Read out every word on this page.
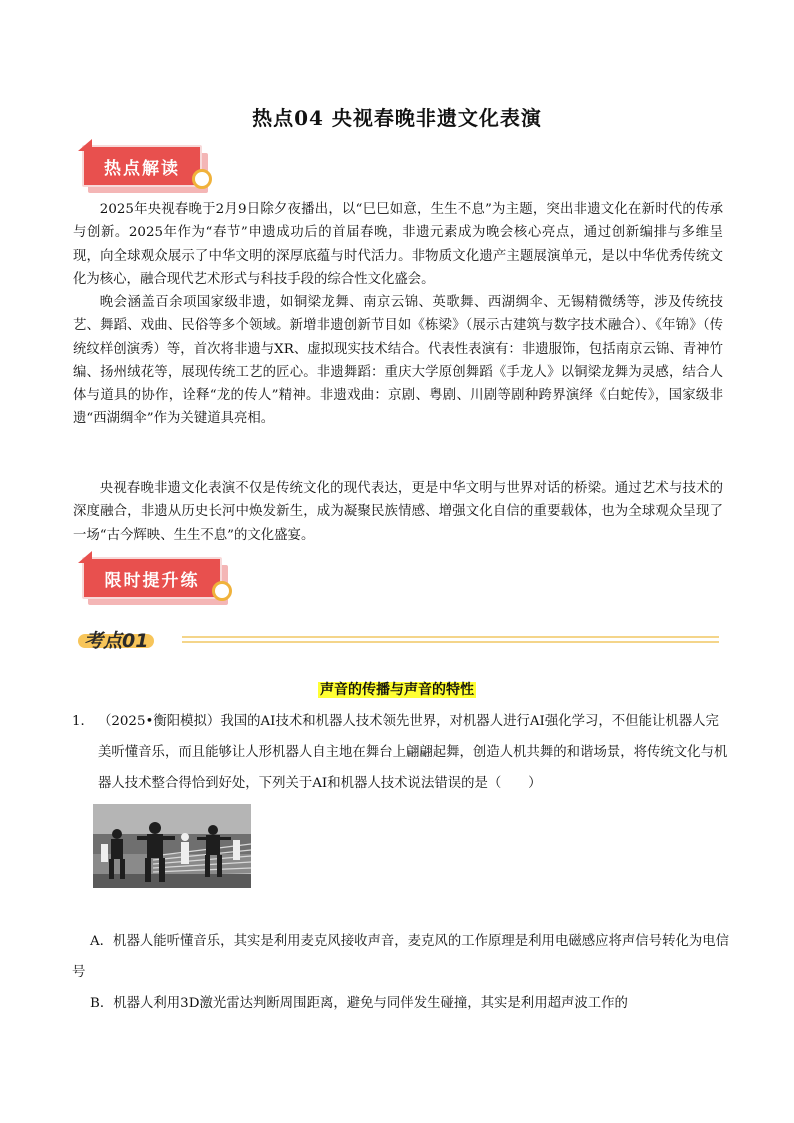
热点04 央视春晚非遗文化表演
热点解读
2025年央视春晚于2月9日除夕夜播出，以“巳巳如意，生生不息”为主题，突出非遗文化在新时代的传承与创新。2025年作为“春节”申遗成功后的首届春晚，非遗元素成为晚会核心亮点，通过创新编排与多维呈现，向全球观众展示了中华文明的深厚底蕴与时代活力。非物质文化遗产主题展演单元，是以中华优秀传统文化为核心，融合现代艺术形式与科技手段的综合性文化盛会。
晚会涵盖百余项国家级非遗，如铜梁龙舞、南京云锦、英歌舞、西湖绸伞、无锡精微绣等，涉及传统技艺、舞蹈、戏曲、民俗等多个领域。新增非遗创新节目如《栋梁》（展示古建筑与数字技术融合）、《年锦》（传统纹样创演秀）等，首次将非遗与XR、虚拟现实技术结合。代表性表演有：非遗服饰，包括南京云锦、青神竹编、扬州绒花等，展现传统工艺的匠心。非遗舞蹈：重庆大学原创舞蹈《手龙人》以铜梁龙舞为灵感，结合人体与道具的协作，诠释“龙的传人”精神。非遗戏曲：京剧、粤剧、川剧等剧种跨界演绎《白蛇传》，国家级非遗“西湖绸伞”作为关键道具亮相。
央视春晚非遗文化表演不仅是传统文化的现代表达，更是中华文明与世界对话的桥梁。通过艺术与技术的深度融合，非遗从历史长河中焕发新生，成为凝聚民族情感、增强文化自信的重要载体，也为全球观众呈现了一场“古今辉映、生生不息”的文化盛宴。
限时提升练
考点01
声音的传播与声音的特性
1． （2025•衡阳模拟）我国的AI技术和机器人技术领先世界，对机器人进行AI强化学习，不但能让机器人完美听懂音乐，而且能够让人形机器人自主地在舞台上翩翩起舞，创造人机共舞的和谐场景，将传统文化与机器人技术整合得恰到好处，下列关于AI和机器人技术说法错误的是（　　）
A．机器人能听懂音乐，其实是利用麦克风接收声音，麦克风的工作原理是利用电磁感应将声信号转化为电信号
B．机器人利用3D激光雷达判断周围距离，避免与同伴发生碰撞，其实是利用超声波工作的
